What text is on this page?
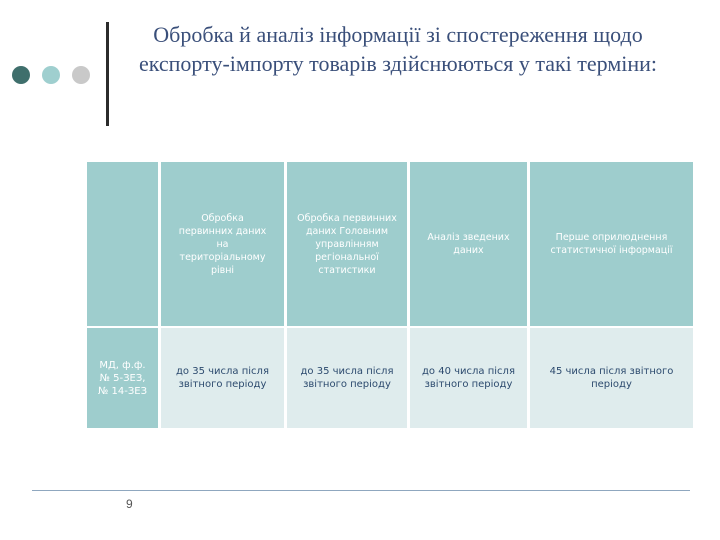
Обробка й аналіз інформації зі спостереження щодо експорту-імпорту товарів здійснюються у такі терміни:
Обробка
первинних даних
на
територіальному
рівні
Обробка первинних
даних Головним
управлінням
регіональної
статистики
Аналіз зведених
даних
Перше оприлюднення
статистичної інформації
МД, ф.ф.
№ 5-ЗЕЗ,
№ 14-ЗЕЗ
до 35 числа після
звітного періоду
до 35 числа після
звітного періоду
до 40 числа після
звітного періоду
45 числа після звітного
періоду
9
